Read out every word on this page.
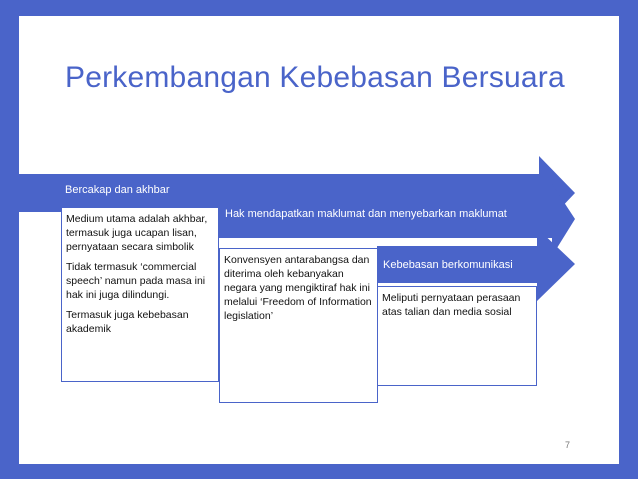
Perkembangan Kebebasan Bersuara
Bercakap dan akhbar
Hak mendapatkan maklumat dan menyebarkan maklumat
Kebebasan berkomunikasi

Medium utama adalah akhbar, termasuk juga ucapan lisan, pernyataan secara simbolik

Tidak termasuk ‘commercial speech’ namun pada masa ini hak ini juga dilindungi.

Termasuk juga kebebasan akademik

Konvensyen antarabangsa dan diterima oleh kebanyakan negara yang mengiktiraf hak ini melalui ‘Freedom of Information legislation’

Meliputi pernyataan perasaan atas talian dan media sosial

7
